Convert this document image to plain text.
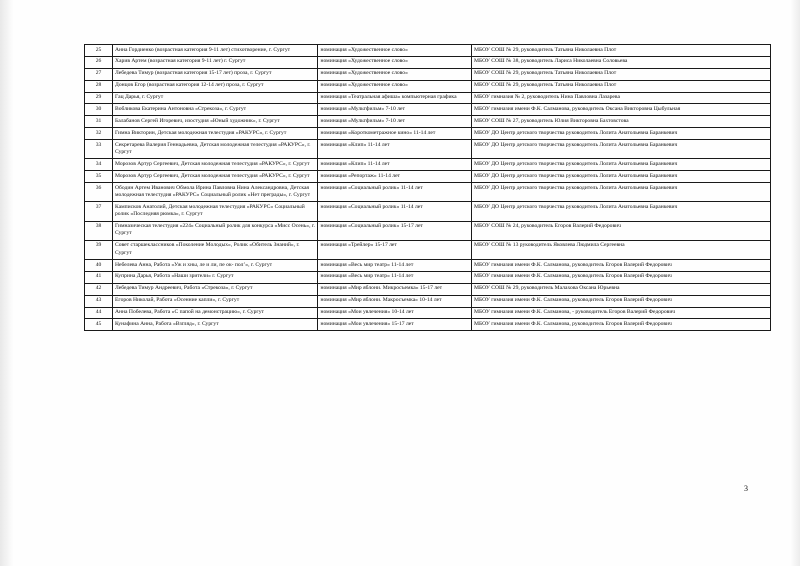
25	Анна Гордиенко (возрастная категория 9-11 лет) стихотворение, г. Сургут	номинация «Художественное слово»	МБОУ СОШ № 29, руководитель Татьяна Николаевна Плот
26	Харив Артем (возрастная категория 9-11 лет) г. Сургут	номинация «Художественное слово»	МБОУ СОШ № 38, руководитель Лариса Николаевна Соловьева
27	Лебедева Тимур (возрастная категория 15-17 лет) проза, г. Сургут	номинация «Художественное слово»	МБОУ СОШ № 29, руководитель Татьяна Николаевна Плот
28	Донцов Егор (возрастная категория 12-14 лет) проза, г. Сургут	номинация «Художественное слово»	МБОУ СОШ № 29, руководитель Татьяна Николаевна Плот
29	Гац Дарья, г. Сургут	номинация «Театральная афиша» компьютерная графика	МБОУ гимназия № 2, руководитель Нина Павловна Лазарева
30	Вобликова Екатерина Антоновна «Стрекоза», г. Сургут	номинация «Мультфильм» 7-10 лет	МБОУ гимназия имени Ф.К. Салманова, руководитель Оксана Викторовна Цыбульная
31	Балабанов Сергей Игоревич, изостудия «Юный художник», г. Сургут	номинация «Мультфильм» 7-10 лет	МБОУ СОШ № 27, руководитель Юлия Викторовна Бахтовстова
32	Гимна Викторин, Детская молодежная телестудия «РАКУРС», г. Сургут	номинация «Короткометражное кино» 11-14 лет	МБОУ ДО Центр детского творчества руководитель Лолита Анатольевна Баранкевич
33	Секретарева Валерия Геннадьевна, Детская молодежная телестудия «РАКУРС», г. Сургут	номинация «Клип» 11-14 лет	МБОУ ДО Центр детского творчества руководитель Лолита Анатольевна Баранкевич
34	Морозов Артур Сергеевич, Детская молодежная телестудия «РАКУРС», г. Сургут	номинация «Клип» 11-14 лет	МБОУ ДО Центр детского творчества руководитель Лолита Анатольевна Баранкевич
35	Морозов Артур Сергеевич, Детская молодежная телестудия «РАКУРС», г. Сургут	номинация «Репортаж» 11-14 лет	МБОУ ДО Центр детского творчества руководитель Лолита Анатольевна Баранкевич
36	Ободин Артем Иванович Обмола Ирина Павловна Нина Александровна, Детская молодежная телестудия «РАКУРС» Социальный ролик «Нет преграды», г. Сургут	номинация «Социальный ролик» 11-14 лет	МБОУ ДО Центр детского творчества руководитель Лолита Анатольевна Баранкевич
37	Камписков Анатолий, Детская молодежная телестудия «РАКУРС» Социальный ролик «Последняя рюмка», г. Сургут	номинация «Социальный ролик» 11-14 лет	МБОУ ДО Центр детского творчества руководитель Лолита Анатольевна Баранкевич
38	Гимназическая телестудия «224» Социальный ролик для конкурса «Мисс Осень», г. Сургут	номинация «Социальный ролик» 15-17 лет	МБОУ СОШ № 24, руководитель Егоров Валерий Федорович
39	Совет старшеклассников «Поколение Молодых», Ролик «Обитель Знаний», г. Сургут	номинация «Трейлер» 15-17 лет	МБОУ СОШ № 13 руководитель Яковлева Людмила Сергеевна
40	Небелева Анна, Работа «Уж и хны, ле и ли, пе ок- пол’», г. Сургут	номинация «Весь мир театр» 11-14 лет	МБОУ гимназия имени Ф.К. Салманова, руководитель Егоров Валерий Федорович
41	Куприна Дарья, Работа «Наши зрители» г. Сургут	номинация «Весь мир театр» 11-14 лет	МБОУ гимназия имени Ф.К. Салманова, руководитель Егоров Валерий Федорович
42	Лебедева Тимур Андреевич, Работа «Стрекоза», г. Сургут	номинация «Мир яблони. Микросъемка» 15-17 лет	МБОУ СОШ № 29, руководитель Малахова Оксана Юрьевна
43	Егоров Николай, Работа «Осенние капли», г. Сургут	номинация «Мир яблони. Макросъемка» 10-14 лет	МБОУ гимназия имени Ф.К. Салманова, руководитель Егоров Валерий Федорович
44	Анна Побелева, Работа «С папой на демонстрацию», г. Сургут	номинация «Мои увлечения» 10-14 лет	МБОУ гимназия имени Ф.К. Салманова, - руководитель Егоров Валерий Федорович
45	Кунафина Анна, Работа «Взгляд», г. Сургут	номинация «Мои увлечения» 15-17 лет	МБОУ гимназия имени Ф.К. Салманова, руководитель Егоров Валерий Федорович
3
